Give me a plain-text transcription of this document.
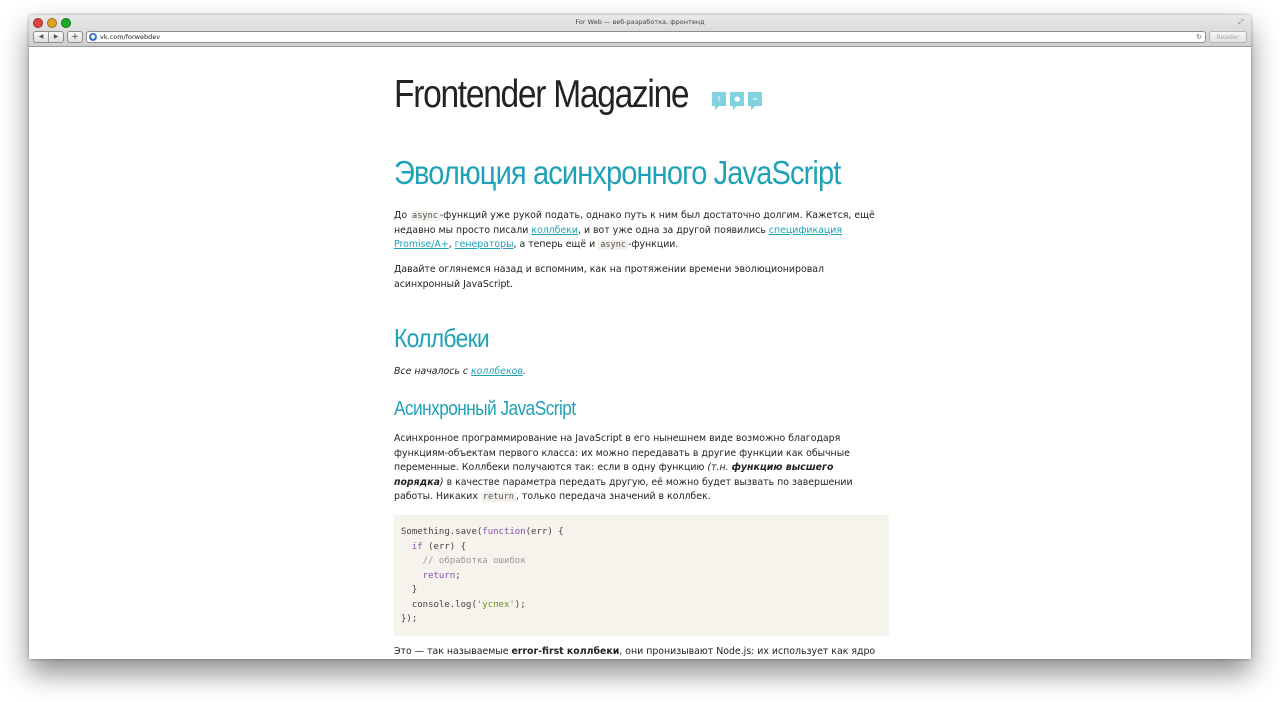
For Web — веб-разработка, фронтенд	⤢
◀	▶	+	● vk.com/forwebdev	↻	Reader
Frontender Magazine	t	●	≈
Эволюция асинхронного JavaScript

До async -функций уже рукой подать, однако путь к ним был достаточно долгим. Кажется, ещё недавно мы просто писали коллбеки, и вот уже одна за другой появились спецификация Promise/A+, генераторы, а теперь ещё и async -функции.

Давайте оглянемся назад и вспомним, как на протяжении времени эволюционировал асинхронный JavaScript.

Коллбеки

Все началось с коллбеков.

Асинхронный JavaScript

Асинхронное программирование на JavaScript в его нынешнем виде возможно благодаря функциям-объектам первого класса: их можно передавать в другие функции как обычные переменные. Коллбеки получаются так: если в одну функцию (т.н. функцию высшего порядка) в качестве параметра передать другую, её можно будет вызвать по завершении работы. Никаких return , только передача значений в коллбек.

Something.save(function(err) {
if (err) {
// обработка ошибок
return;
}
console.log('успех');
});

Это — так называемые error-first коллбеки, они пронизывают Node.js: их использует как ядро
